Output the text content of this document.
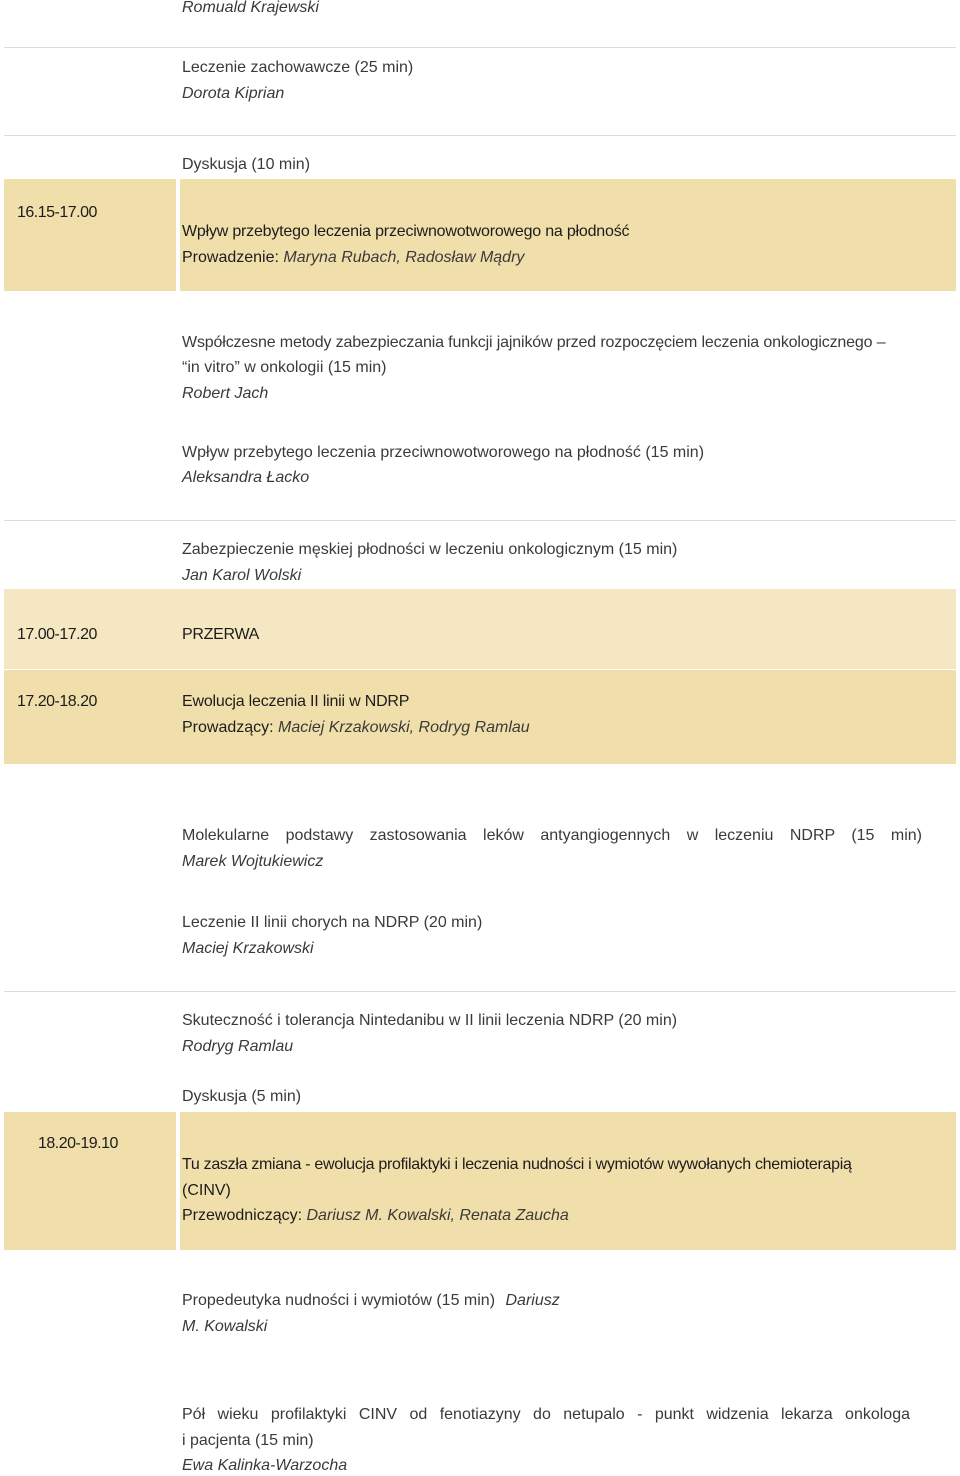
Romuald Krajewski
Leczenie zachowawcze (25 min)
Dorota Kiprian
Dyskusja (10 min)
16.15-17.00
Wpływ przebytego leczenia przeciwnowotworowego na płodność
Prowadzenie: Maryna Rubach, Radosław Mądry
Współczesne metody zabezpieczania funkcji jajników przed rozpoczęciem leczenia onkologicznego –
“in vitro” w onkologii (15 min)
Robert Jach
Wpływ przebytego leczenia przeciwnowotworowego na płodność (15 min)
Aleksandra Łacko
Zabezpieczenie męskiej płodności w leczeniu onkologicznym (15 min)
Jan Karol Wolski
17.00-17.20	PRZERWA
17.20-18.20	Ewolucja leczenia II linii w NDRP
Prowadzący: Maciej Krzakowski, Rodryg Ramlau
Molekularne podstawy zastosowania leków antyangiogennych w leczeniu NDRP (15 min)
Marek Wojtukiewicz
Leczenie II linii chorych na NDRP (20 min)
Maciej Krzakowski
Skuteczność i tolerancja Nintedanibu w II linii leczenia NDRP (20 min)
Rodryg Ramlau
Dyskusja (5 min)
18.20-19.10
Tu zaszła zmiana - ewolucja profilaktyki i leczenia nudności i wymiotów wywołanych chemioterapią
(CINV)
Przewodniczący: Dariusz M. Kowalski, Renata Zaucha
Propedeutyka nudności i wymiotów (15 min) Dariusz
M. Kowalski
Pół wieku profilaktyki CINV od fenotiazyny do netupalo - punkt widzenia lekarza onkologa
i pacjenta (15 min)
Ewa Kalinka-Warzocha
